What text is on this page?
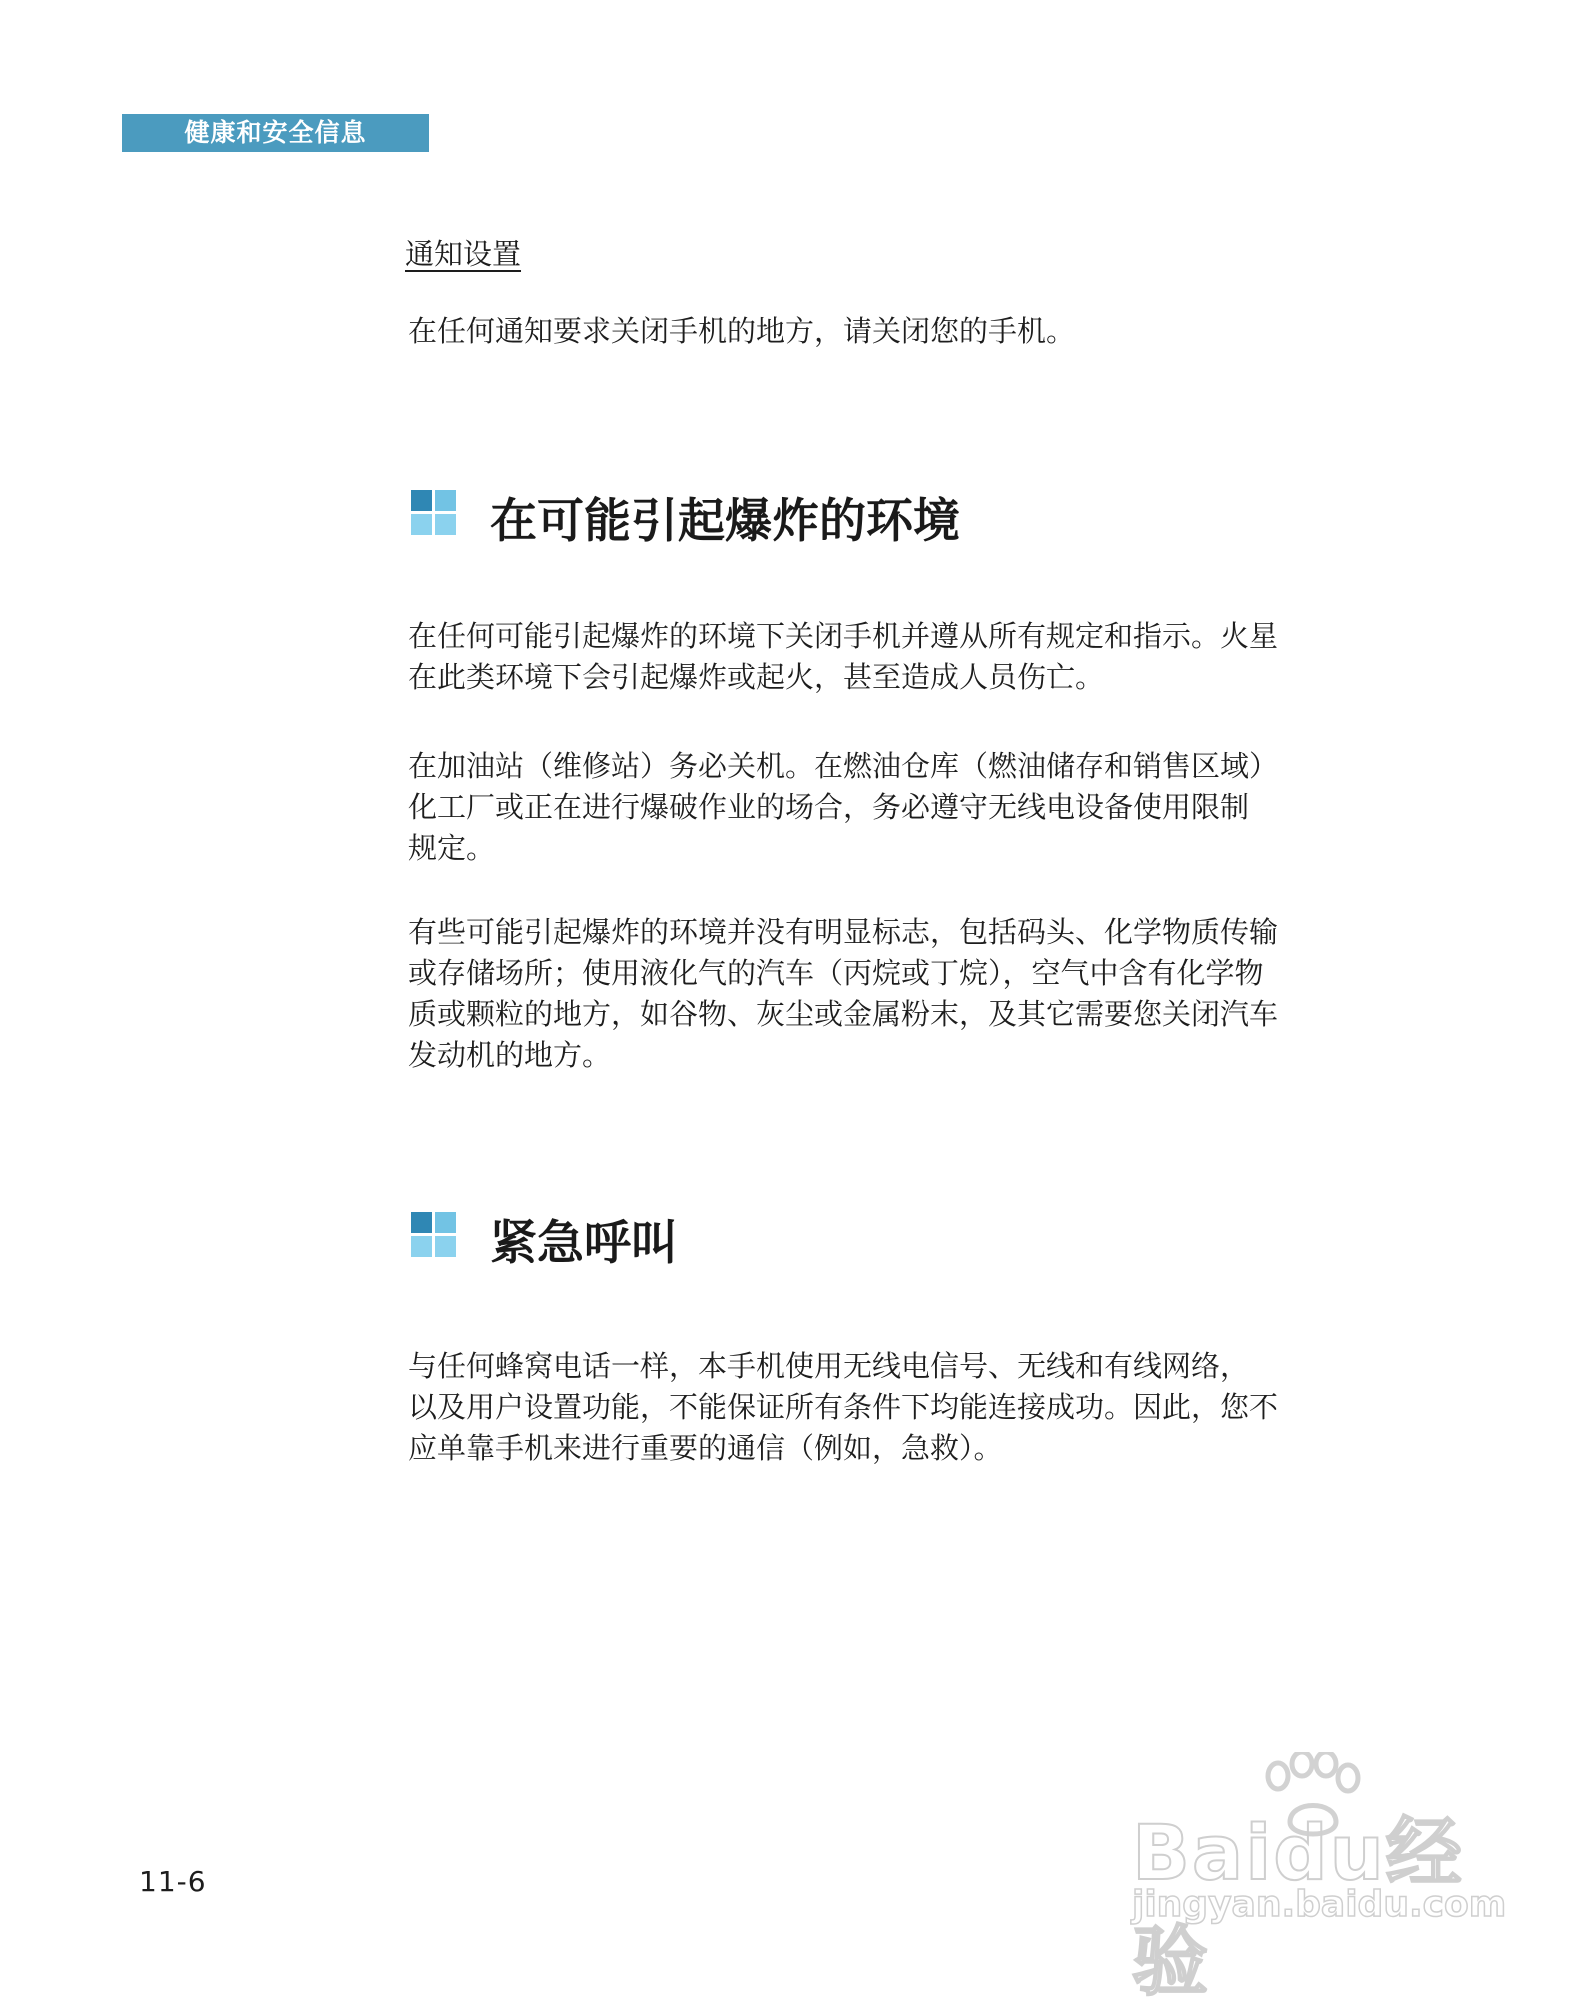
健康和安全信息
通知设置
在任何通知要求关闭手机的地方，请关闭您的手机。
在可能引起爆炸的环境
在任何可能引起爆炸的环境下关闭手机并遵从所有规定和指示。火星
在此类环境下会引起爆炸或起火，甚至造成人员伤亡。
在加油站（维修站）务必关机。在燃油仓库（燃油储存和销售区域）
化工厂或正在进行爆破作业的场合，务必遵守无线电设备使用限制
规定。
有些可能引起爆炸的环境并没有明显标志，包括码头、化学物质传输
或存储场所；使用液化气的汽车（丙烷或丁烷），空气中含有化学物
质或颗粒的地方，如谷物、灰尘或金属粉末，及其它需要您关闭汽车
发动机的地方。
紧急呼叫
与任何蜂窝电话一样，本手机使用无线电信号、无线和有线网络，
以及用户设置功能，不能保证所有条件下均能连接成功。因此，您不
应单靠手机来进行重要的通信（例如，急救）。
11-6	Baidu经验
jingyan.baidu.com
